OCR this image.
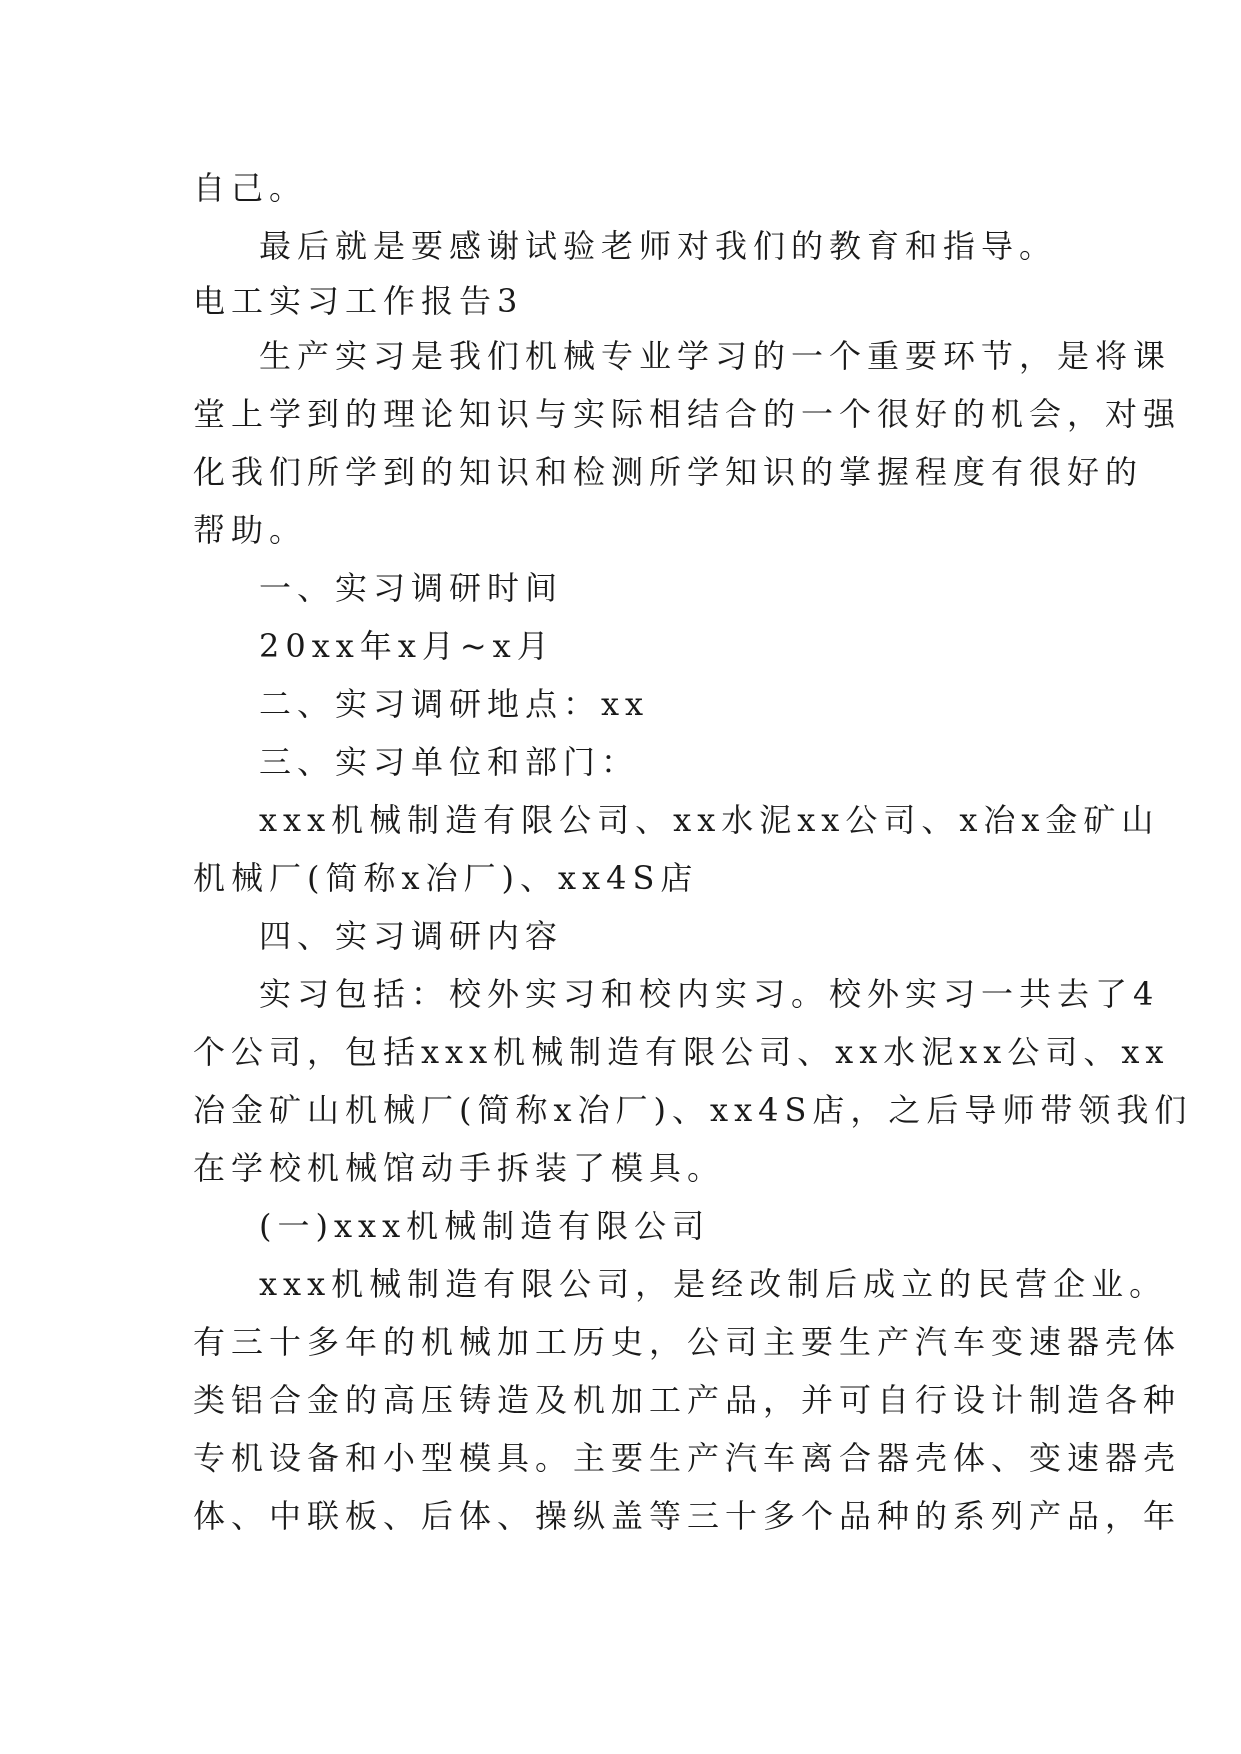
自己。
最后就是要感谢试验老师对我们的教育和指导。
电工实习工作报告3
生产实习是我们机械专业学习的一个重要环节，是将课
堂上学到的理论知识与实际相结合的一个很好的机会，对强
化我们所学到的知识和检测所学知识的掌握程度有很好的
帮助。
一、实习调研时间
20xx年x月~x月
二、实习调研地点：xx
三、实习单位和部门：
xxx机械制造有限公司、xx水泥xx公司、x冶x金矿山
机械厂(简称x冶厂)、xx4S店
四、实习调研内容
实习包括：校外实习和校内实习。校外实习一共去了4
个公司，包括xxx机械制造有限公司、xx水泥xx公司、xx
冶金矿山机械厂(简称x冶厂)、xx4S店，之后导师带领我们
在学校机械馆动手拆装了模具。
(一)xxx机械制造有限公司
xxx机械制造有限公司，是经改制后成立的民营企业。
有三十多年的机械加工历史，公司主要生产汽车变速器壳体
类铝合金的高压铸造及机加工产品，并可自行设计制造各种
专机设备和小型模具。主要生产汽车离合器壳体、变速器壳
体、中联板、后体、操纵盖等三十多个品种的系列产品，年
